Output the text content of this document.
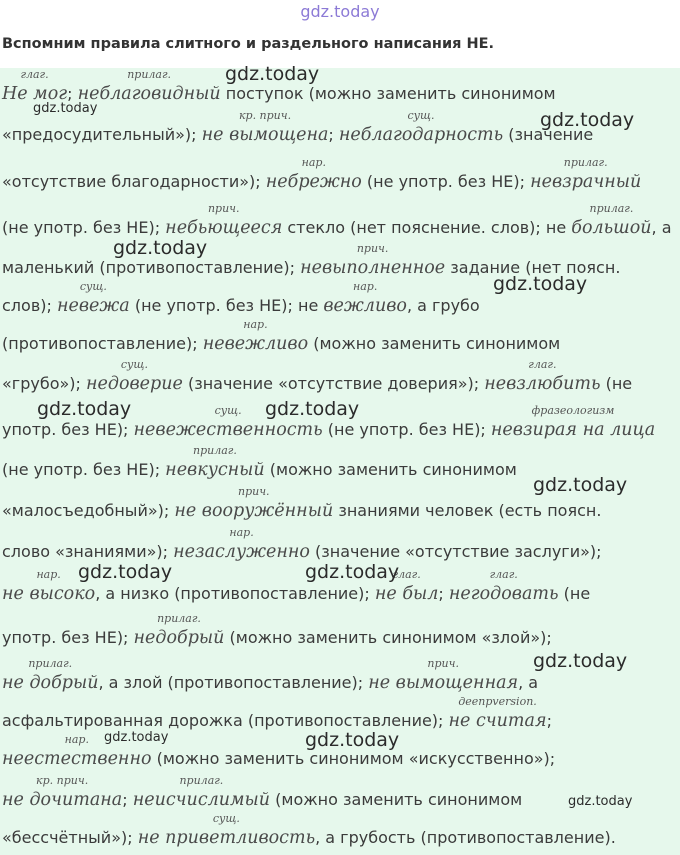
gdz.today
Вспомним правила слитного и раздельного написания НЕ.
Не мог
глаг.
; неблаговидный
прилаг.
поступок (можно заменить синонимом
«предосудительный»); не вымощена
кр. прич.
; неблагодарность
сущ.
(значение
«отсутствие благодарности»); небрежно
нар.
(не употр. без НЕ); невзрачный
прилаг.
(не употр. без НЕ); небьющееся
прич.
стекло (нет пояснение. слов); не большой
прилаг.
, а
маленький (противопоставление); невыполненное
прич.
задание (нет поясн.
слов); невежа
сущ.
(не употр. без НЕ); не вежливо
нар.
, а грубо
(противопоставление); невежливо
нар.
(можно заменить синонимом
«грубо»); недоверие
сущ.
(значение «отсутствие доверия»); невзлюбить
глаг.
(не
употр. без НЕ); невежественность
сущ.
(не употр. без НЕ); невзирая на лица
фразеологизм
(не употр. без НЕ); невкусный
прилаг.
(можно заменить синонимом
«малосъедобный»); не вооружённый
прич.
знаниями человек (есть поясн.
слово «знаниями»); незаслуженно
нар.
(значение «отсутствие заслуги»);
не высоко
нар.
, а низко (противопоставление); не был
глаг.
; негодовать
глаг.
(не
употр. без НЕ); недобрый
прилаг.
(можно заменить синонимом «злой»);
не добрый
прилаг.
, а злой (противопоставление); не вымощенная
прич.
, а
асфальтированная дорожка (противопоставление); не считая
деепрversion.
;
неестественно
нар.
(можно заменить синонимом «искусственно»);
не дочитана
кр. прич.
; неисчислимый
прилаг.
(можно заменить синонимом
«бессчётный»); не приветливость
сущ.
, а грубость (противопоставление).
gdz.today
gdz.today
gdz.today
gdz.today
gdz.today
gdz.today	gdz.today
gdz.today
gdz.today	gdz.today
gdz.today
gdz.today	gdz.today
gdz.today
